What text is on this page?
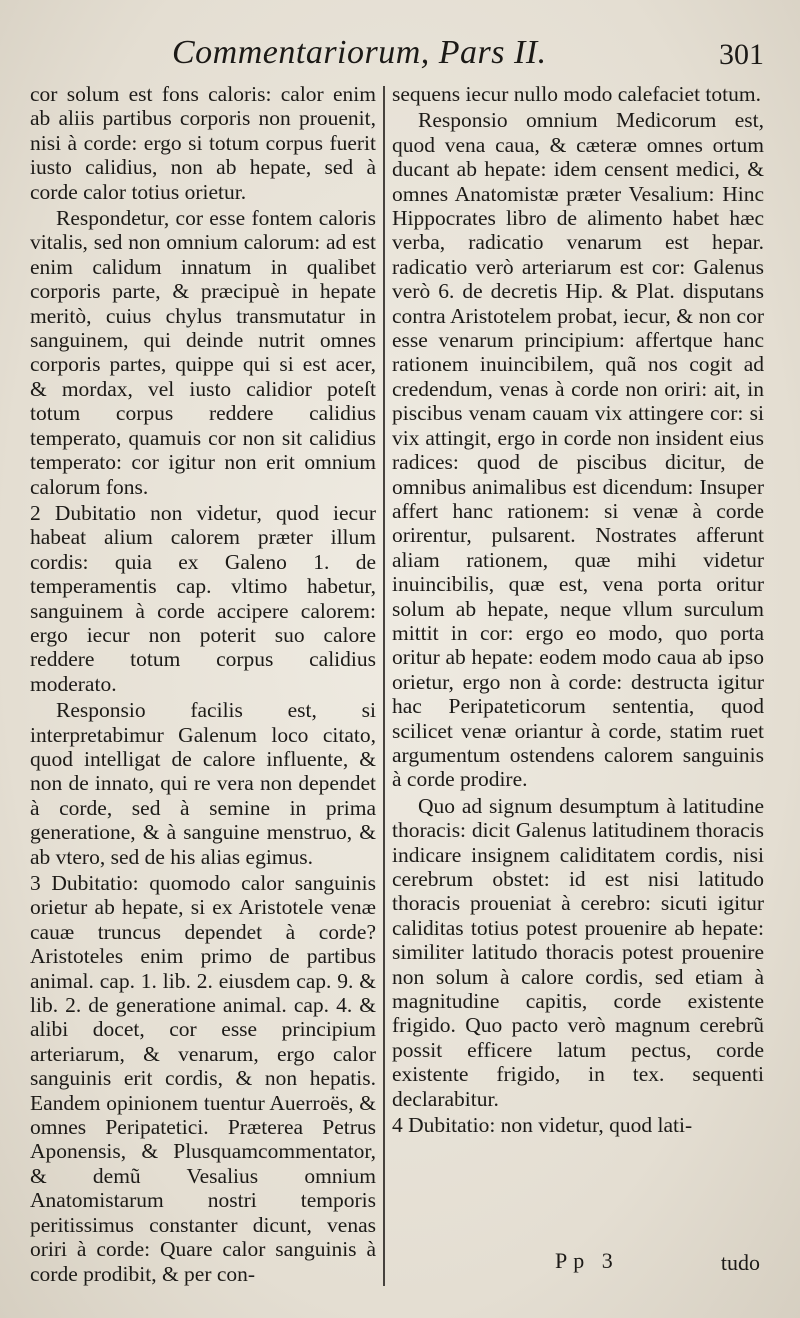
Commentariorum, Pars II.	301

cor solum est fons caloris: calor enim ab aliis partibus corporis non prouenit, nisi à corde: ergo si totum corpus fuerit iusto calidius, non ab hepate, sed à corde calor totius orietur.

Respondetur, cor esse fontem caloris vitalis, sed non omnium calorum: ad est enim calidum innatum in qualibet corporis parte, & præcipuè in hepate meritò, cuius chylus transmutatur in sanguinem, qui deinde nutrit omnes corporis partes, quippe qui si est acer, & mordax, vel iusto calidior poteſt totum corpus reddere calidius temperato, quamuis cor non sit calidius temperato: cor igitur non erit omnium calorum fons.

2 Dubitatio non videtur, quod iecur habeat alium calorem præter illum cordis: quia ex Galeno 1. de temperamentis cap. vltimo habetur, sanguinem à corde accipere calorem: ergo iecur non poterit suo calore reddere totum corpus calidius moderato.

Responsio facilis est, si interpretabimur Galenum loco citato, quod intelligat de calore influente, & non de innato, qui re vera non dependet à corde, sed à semine in prima generatione, & à sanguine menstruo, & ab vtero, sed de his alias egimus.

3 Dubitatio: quomodo calor sanguinis orietur ab hepate, si ex Aristotele venæ cauæ truncus dependet à corde? Aristoteles enim primo de partibus animal. cap. 1. lib. 2. eiusdem cap. 9. & lib. 2. de generatione animal. cap. 4. & alibi docet, cor esse principium arteriarum, & venarum, ergo calor sanguinis erit cordis, & non hepatis. Eandem opinionem tuentur Auerroës, & omnes Peripatetici. Præterea Petrus Aponensis, & Plusquamcommentator, & demũ Vesalius omnium Anatomistarum nostri temporis peritissimus constanter dicunt, venas oriri à corde: Quare calor sanguinis à corde prodibit, & per con-

sequens iecur nullo modo calefaciet totum.

Responsio omnium Medicorum est, quod vena caua, & cæteræ omnes ortum ducant ab hepate: idem censent medici, & omnes Anatomistæ præter Vesalium: Hinc Hippocrates libro de alimento habet hæc verba, radicatio venarum est hepar. radicatio verò arteriarum est cor: Galenus verò 6. de decretis Hip. & Plat. disputans contra Aristotelem probat, iecur, & non cor esse venarum principium: affertque hanc rationem inuincibilem, quã nos cogit ad credendum, venas à corde non oriri: ait, in piscibus venam cauam vix attingere cor: si vix attingit, ergo in corde non insident eius radices: quod de piscibus dicitur, de omnibus animalibus est dicendum: Insuper affert hanc rationem: si venæ à corde orirentur, pulsarent. Nostrates afferunt aliam rationem, quæ mihi videtur inuincibilis, quæ est, vena porta oritur solum ab hepate, neque vllum surculum mittit in cor: ergo eo modo, quo porta oritur ab hepate: eodem modo caua ab ipso orietur, ergo non à corde: destructa igitur hac Peripateticorum sententia, quod scilicet venæ oriantur à corde, statim ruet argumentum ostendens calorem sanguinis à corde prodire.

Quo ad signum desumptum à latitudine thoracis: dicit Galenus latitudinem thoracis indicare insignem caliditatem cordis, nisi cerebrum obstet: id est nisi latitudo thoracis proueniat à cerebro: sicuti igitur caliditas totius potest prouenire ab hepate: similiter latitudo thoracis potest prouenire non solum à calore cordis, sed etiam à magnitudine capitis, corde existente frigido. Quo pacto verò magnum cerebrũ possit efficere latum pectus, corde existente frigido, in tex. sequenti declarabitur.

4 Dubitatio: non videtur, quod lati-

Pp 3	tudo
